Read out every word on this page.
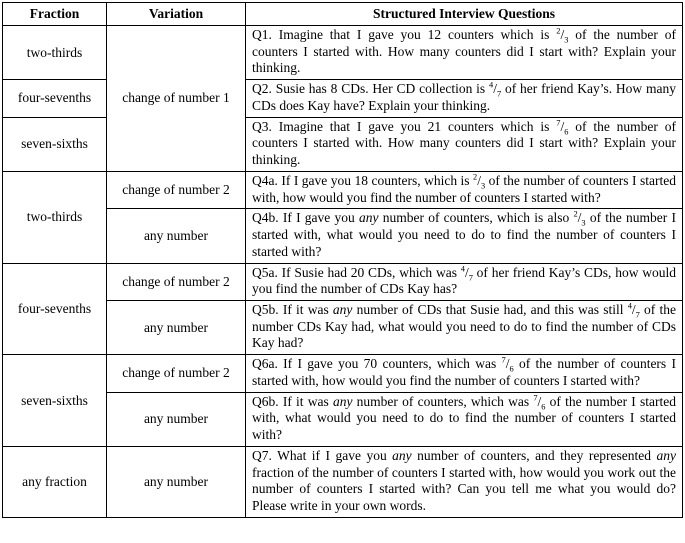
Fraction	Variation	Structured Interview Questions
two-thirds	change of number 1	Q1. Imagine that I gave you 12 counters which is $^2/_3$ of the number of counters I started with. How many counters did I start with? Explain your thinking.
four-sevenths		Q2. Susie has 8 CDs. Her CD collection is $^4/_7$ of her friend Kay’s. How many CDs does Kay have? Explain your thinking.
seven-sixths		Q3. Imagine that I gave you 21 counters which is $^7/_6$ of the number of counters I started with. How many counters did I start with? Explain your thinking.
two-thirds	change of number 2	Q4a. If I gave you 18 counters, which is $^2/_3$ of the number of counters I started with, how would you find the number of counters I started with?
	any number	Q4b. If I gave you any number of counters, which is also $^2/_3$ of the number I started with, what would you need to do to find the number of counters I started with?
four-sevenths	change of number 2	Q5a. If Susie had 20 CDs, which was $^4/_7$ of her friend Kay’s CDs, how would you find the number of CDs Kay has?
	any number	Q5b. If it was any number of CDs that Susie had, and this was still $^4/_7$ of the number CDs Kay had, what would you need to do to find the number of CDs Kay had?
seven-sixths	change of number 2	Q6a. If I gave you 70 counters, which was $^7/_6$ of the number of counters I started with, how would you find the number of counters I started with?
	any number	Q6b. If it was any number of counters, which was $^7/_6$ of the number I started with, what would you need to do to find the number of counters I started with?
any fraction	any number	Q7. What if I gave you any number of counters, and they represented any fraction of the number of counters I started with, how would you work out the number of counters I started with? Can you tell me what you would do? Please write in your own words.
